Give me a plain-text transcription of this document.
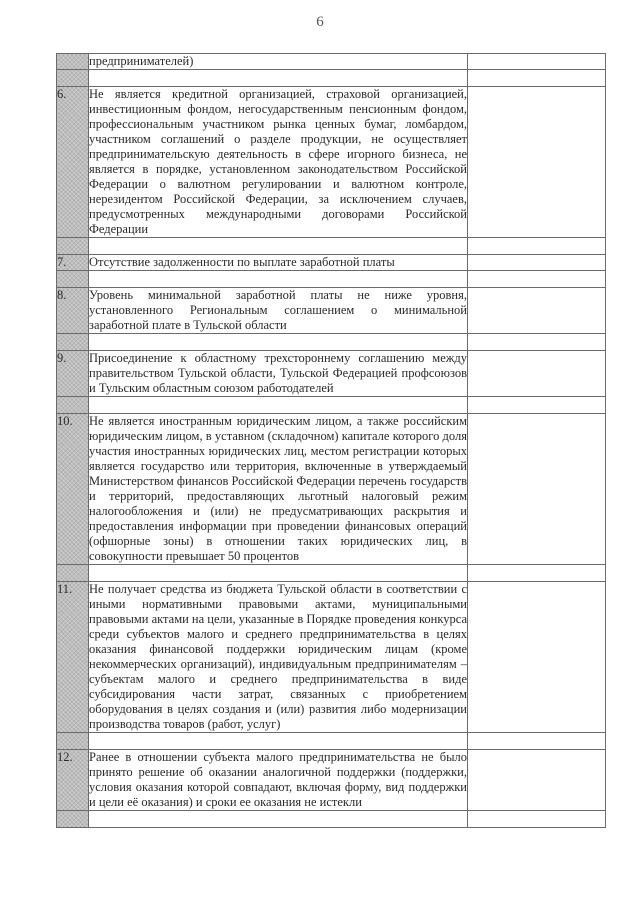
6
	предпринимателей)	

6.	Не является кредитной организацией, страховой организацией, инвестиционным фондом, негосударственным пенсионным фондом, профессиональным участником рынка ценных бумаг, ломбардом, участником соглашений о разделе продукции, не осуществляет предпринимательскую деятельность в сфере игорного бизнеса, не является в порядке, установленном законодательством Российской Федерации о валютном регулировании и валютном контроле, нерезидентом Российской Федерации, за исключением случаев, предусмотренных международными договорами Российской Федерации	

7.	Отсутствие задолженности по выплате заработной платы	

8.	Уровень минимальной заработной платы не ниже уровня, установленного Региональным соглашением о минимальной заработной плате в Тульской области	

9.	Присоединение к областному трехстороннему соглашению между правительством Тульской области, Тульской Федерацией профсоюзов и Тульским областным союзом работодателей	

10.	Не является иностранным юридическим лицом, а также российским юридическим лицом, в уставном (складочном) капитале которого доля участия иностранных юридических лиц, местом регистрации которых является государство или территория, включенные в утверждаемый Министерством финансов Российской Федерации перечень государств и территорий, предоставляющих льготный налоговый режим налогообложения и (или) не предусматривающих раскрытия и предоставления информации при проведении финансовых операций (офшорные зоны) в отношении таких юридических лиц, в совокупности превышает 50 процентов	

11.	Не получает средства из бюджета Тульской области в соответствии с иными нормативными правовыми актами, муниципальными правовыми актами на цели, указанные в Порядке проведения конкурса среди субъектов малого и среднего предпринимательства в целях оказания финансовой поддержки юридическим лицам (кроме некоммерческих организаций), индивидуальным предпринимателям – субъектам малого и среднего предпринимательства в виде субсидирования части затрат, связанных с приобретением оборудования в целях создания и (или) развития либо модернизации производства товаров (работ, услуг)	

12.	Ранее в отношении субъекта малого предпринимательства не было принято решение об оказании аналогичной поддержки (поддержки, условия оказания которой совпадают, включая форму, вид поддержки и цели её оказания) и сроки ее оказания не истекли	
